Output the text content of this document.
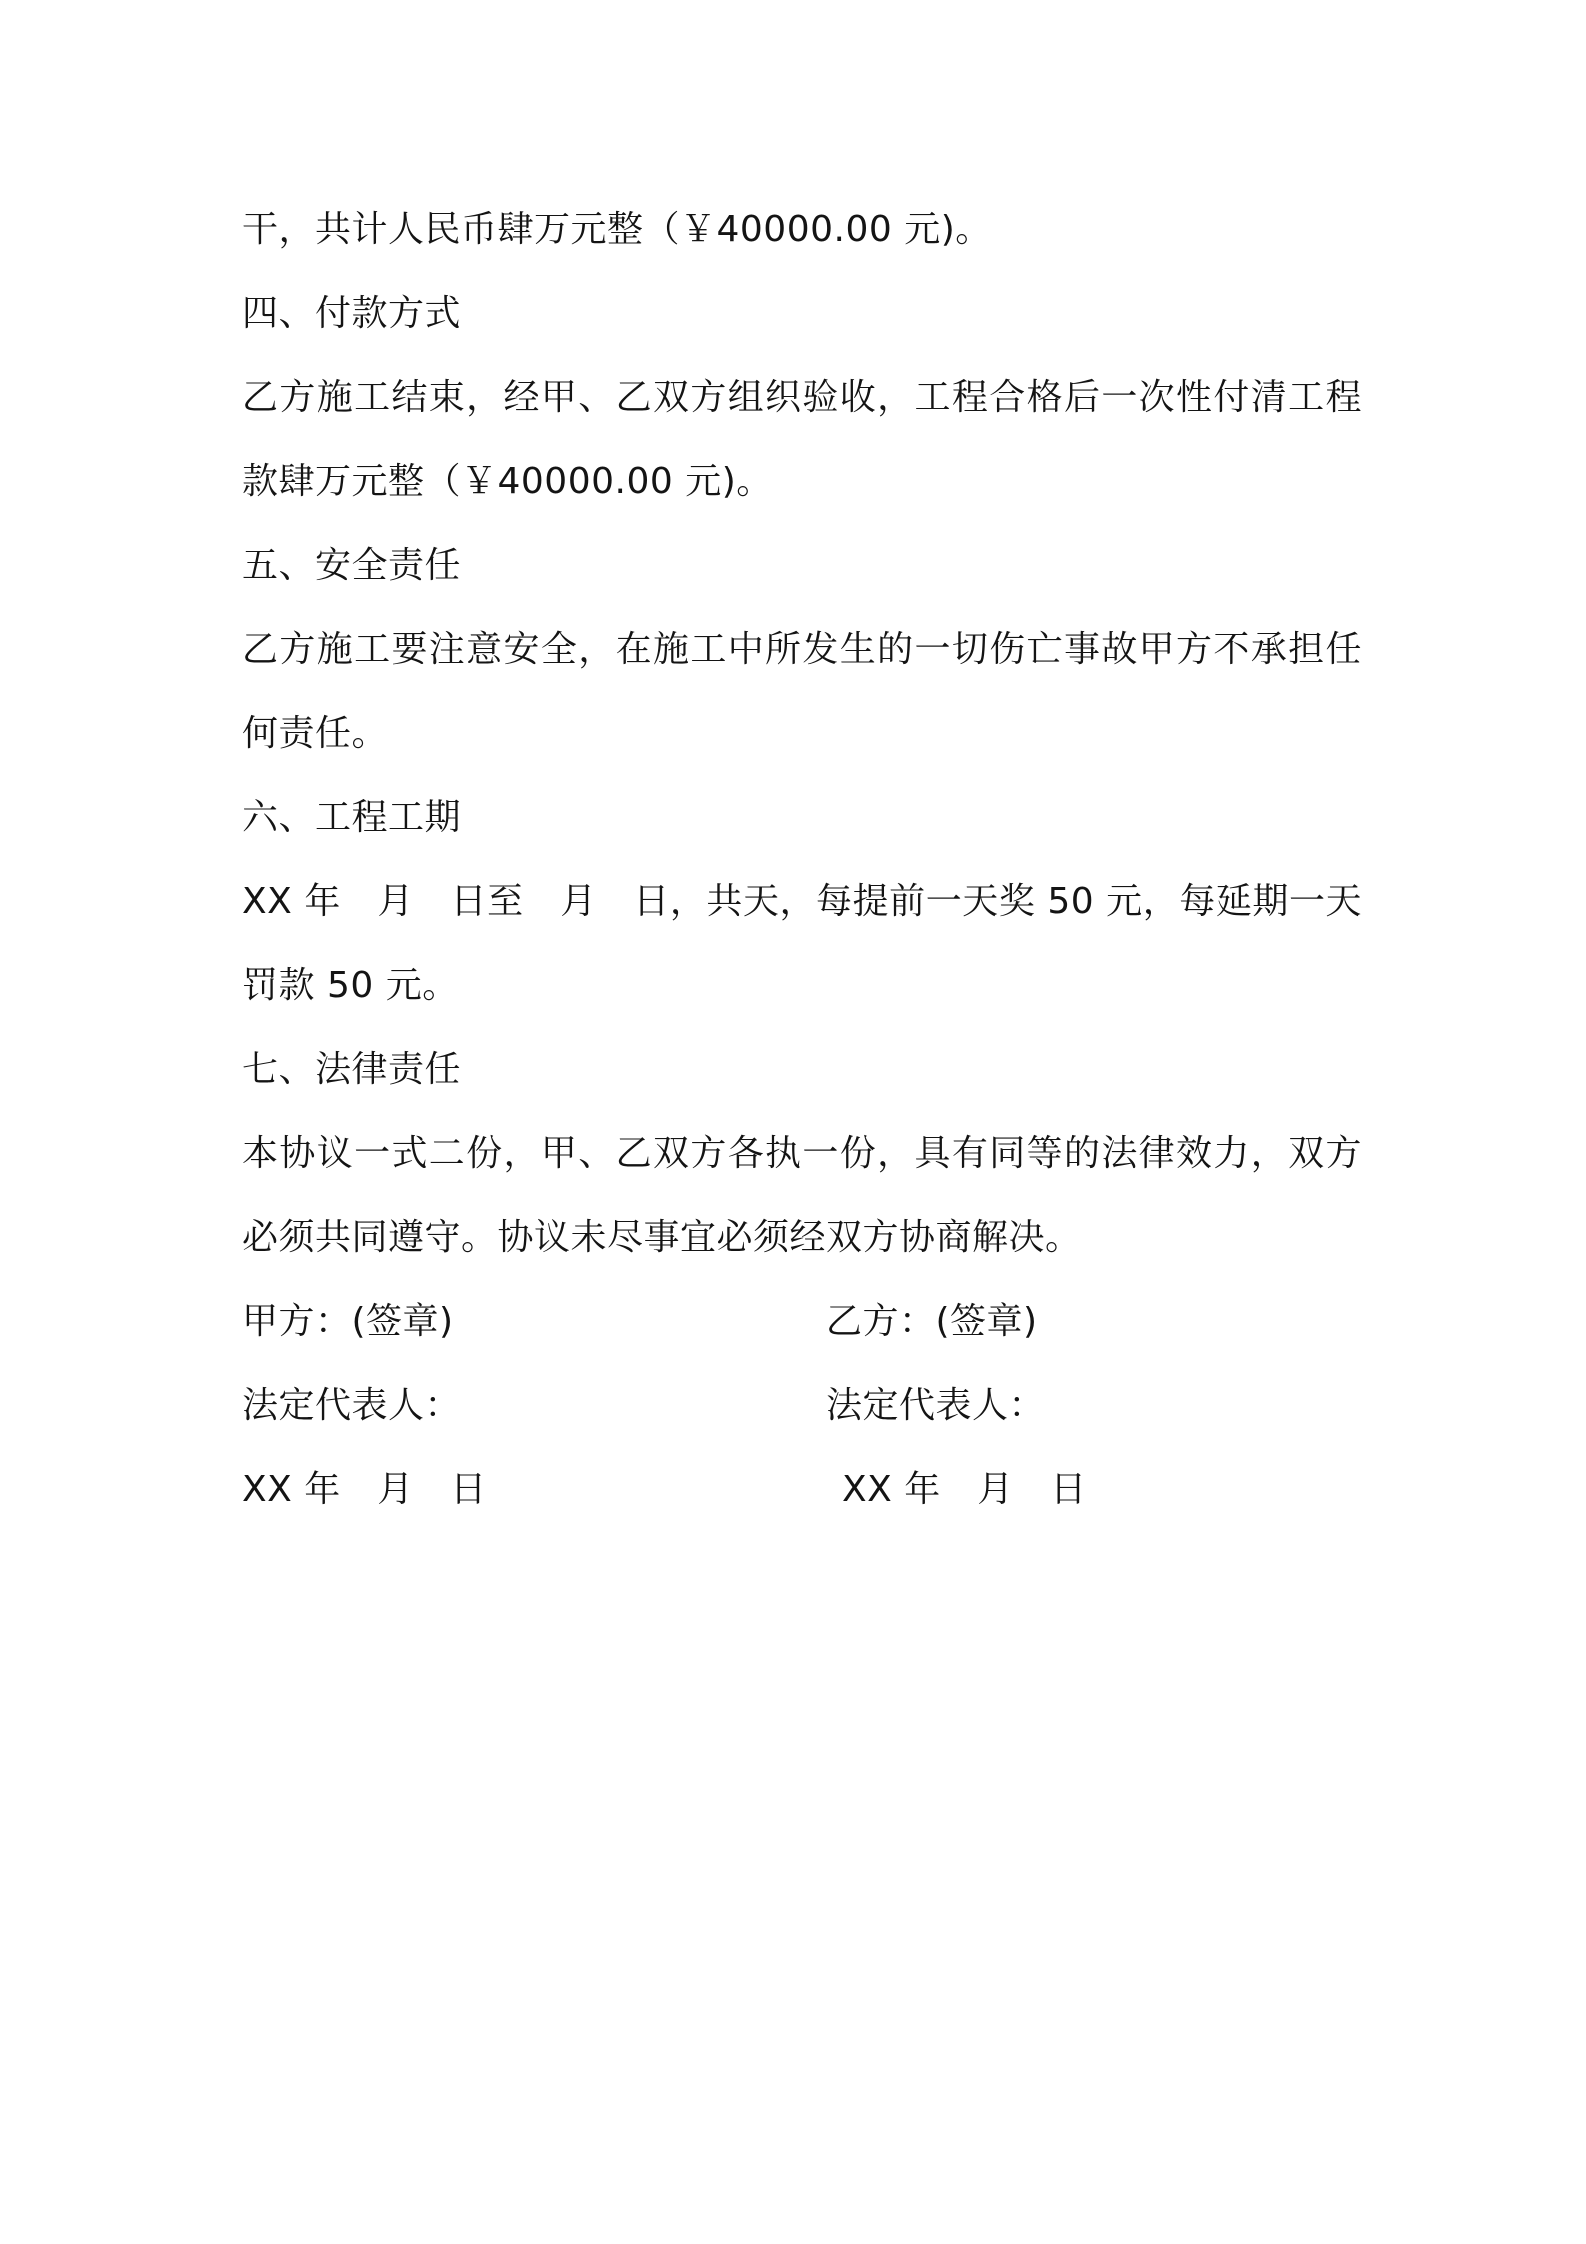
干，共计人民币肆万元整（￥40000.00 元)。
四、付款方式
乙方施工结束，经甲、乙双方组织验收，工程合格后一次性付清工程
款肆万元整（￥40000.00 元)。
五、安全责任
乙方施工要注意安全，在施工中所发生的一切伤亡事故甲方不承担任
何责任。
六、工程工期
XX 年　月　日至　月　日，共天，每提前一天奖 50 元，每延期一天
罚款 50 元。
七、法律责任
本协议一式二份，甲、乙双方各执一份，具有同等的法律效力，双方
必须共同遵守。协议未尽事宜必须经双方协商解决。
甲方：(签章)
法定代表人：
XX 年　月　日
乙方：(签章)
法定代表人：
XX 年　月　日
